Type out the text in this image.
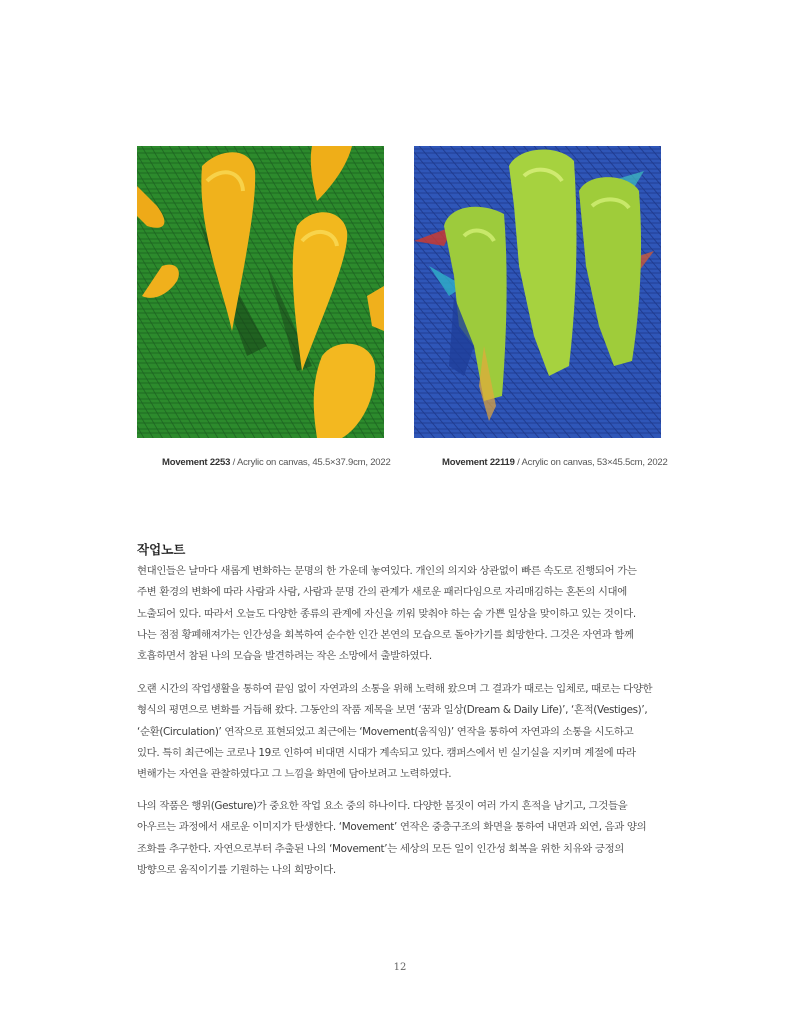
Movement 2253 / Acrylic on canvas, 45.5×37.9cm, 2022	Movement 22119 / Acrylic on canvas, 53×45.5cm, 2022
작업노트

현대인들은 날마다 새롭게 변화하는 문명의 한 가운데 놓여있다. 개인의 의지와 상관없이 빠른 속도로 진행되어 가는
주변 환경의 변화에 따라 사람과 사람, 사람과 문명 간의 관계가 새로운 패러다임으로 자리매김하는 혼돈의 시대에
노출되어 있다. 따라서 오늘도 다양한 종류의 관계에 자신을 끼워 맞춰야 하는 숨 가쁜 일상을 맞이하고 있는 것이다.
나는 점점 황폐해져가는 인간성을 회복하여 순수한 인간 본연의 모습으로 돌아가기를 희망한다. 그것은 자연과 함께
호흡하면서 참된 나의 모습을 발견하려는 작은 소망에서 출발하였다.

오랜 시간의 작업생활을 통하여 끝임 없이 자연과의 소통을 위해 노력해 왔으며 그 결과가 때로는 입체로, 때로는 다양한
형식의 평면으로 변화를 거듭해 왔다. 그동안의 작품 제목을 보면 ‘꿈과 일상(Dream & Daily Life)’, ‘흔적(Vestiges)’,
‘순환(Circulation)’ 연작으로 표현되었고 최근에는 ‘Movement(움직임)’ 연작을 통하여 자연과의 소통을 시도하고
있다. 특히 최근에는 코로나 19로 인하여 비대면 시대가 계속되고 있다. 캠퍼스에서 빈 실기실을 지키며 계절에 따라
변해가는 자연을 관찰하였다고 그 느낌을 화면에 담아보려고 노력하였다.

나의 작품은 행위(Gesture)가 중요한 작업 요소 중의 하나이다. 다양한 몸짓이 여러 가지 흔적을 남기고, 그것들을
아우르는 과정에서 새로운 이미지가 탄생한다. ‘Movement’ 연작은 중층구조의 화면을 통하여 내면과 외연, 음과 양의
조화를 추구한다. 자연으로부터 추출된 나의 ‘Movement’는 세상의 모든 일이 인간성 회복을 위한 치유와 긍정의
방향으로 움직이기를 기원하는 나의 희망이다.

12
